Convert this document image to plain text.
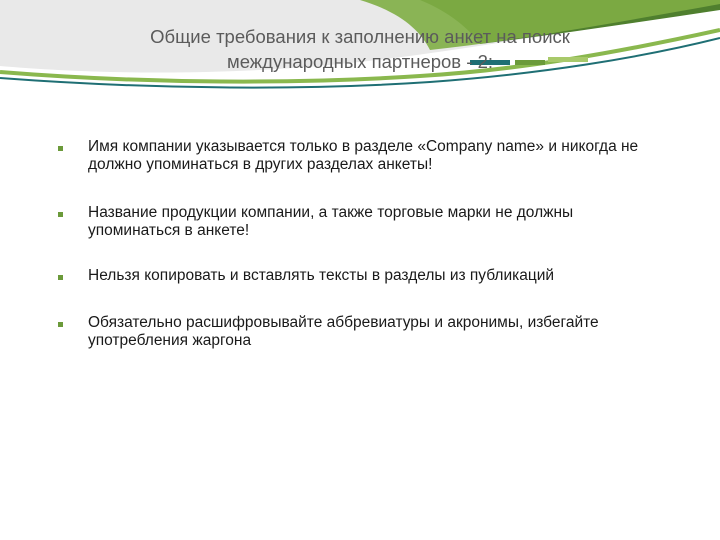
Общие требования к заполнению анкет на поиск
международных партнеров - 2:
Имя компании указывается только в разделе «Company name» и никогда не должно упоминаться в других разделах анкеты!
Название продукции компании, а также торговые марки не должны упоминаться в анкете!
Нельзя копировать и вставлять тексты в разделы из публикаций
Обязательно расшифровывайте аббревиатуры и акронимы, избегайте употребления жаргона
